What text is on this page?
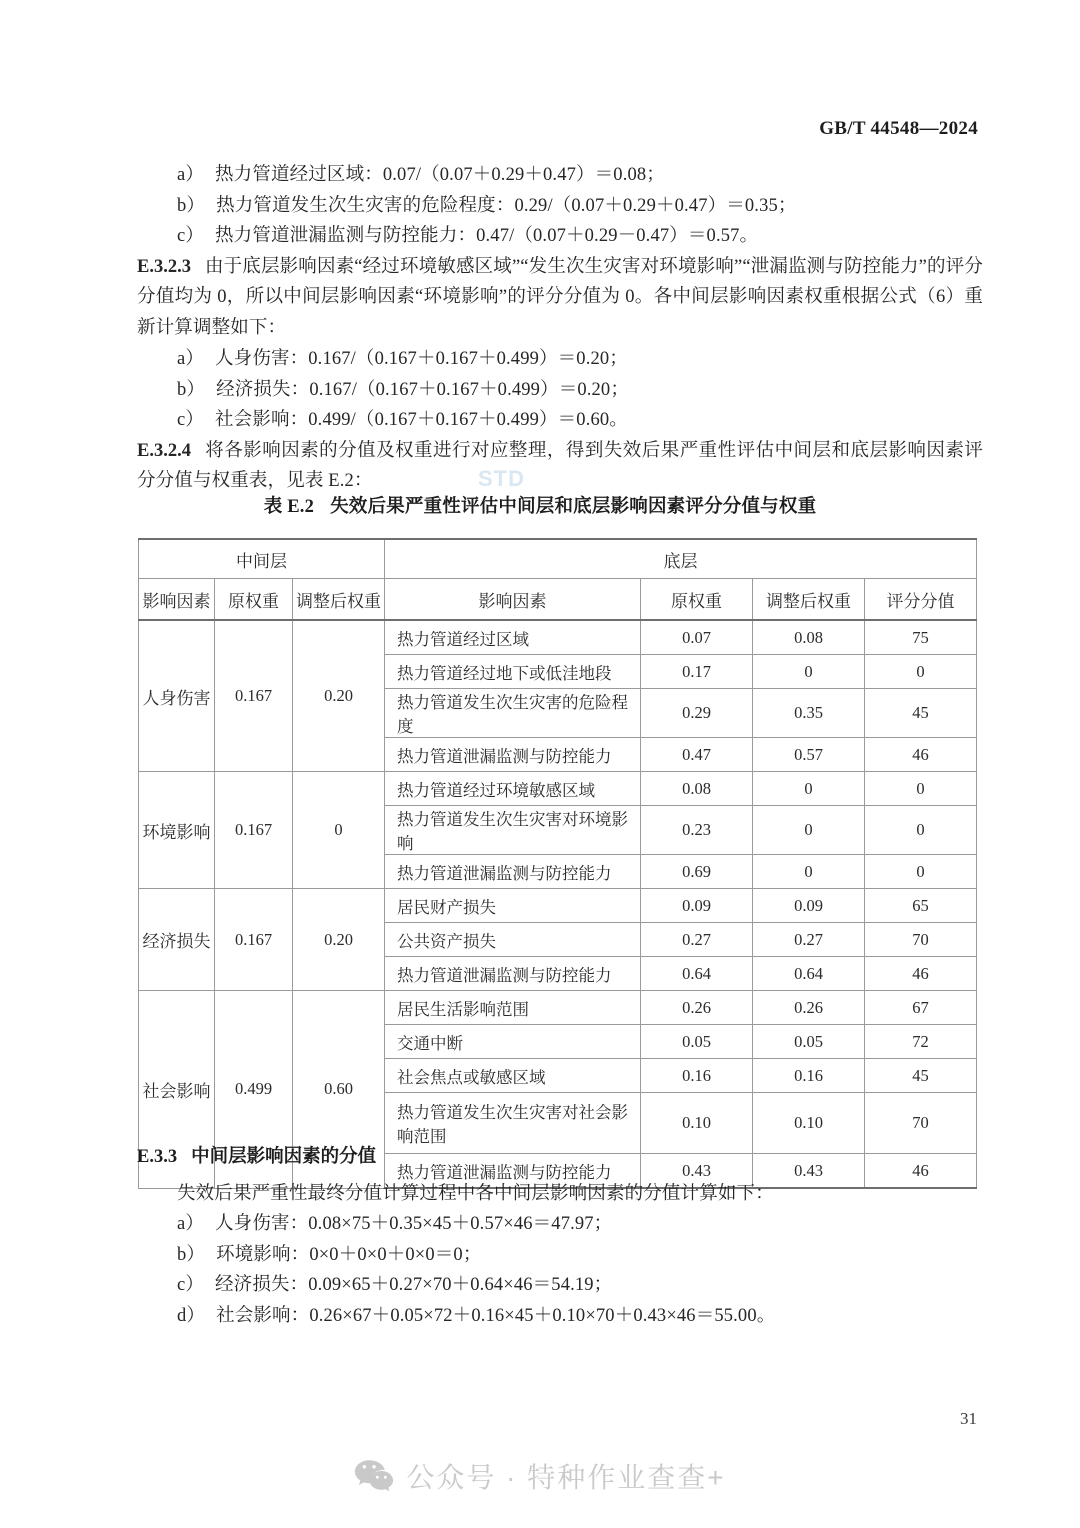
GB/T 44548—2024

a） 热力管道经过区域：0.07/（0.07＋0.29＋0.47）＝0.08；

b） 热力管道发生次生灾害的危险程度：0.29/（0.07＋0.29＋0.47）＝0.35；

c） 热力管道泄漏监测与防控能力：0.47/（0.07＋0.29－0.47）＝0.57。

E.3.2.3 由于底层影响因素“经过环境敏感区域”“发生次生灾害对环境影响”“泄漏监测与防控能力”的评分分值均为 0，所以中间层影响因素“环境影响”的评分分值为 0。各中间层影响因素权重根据公式（6）重新计算调整如下：

a） 人身伤害：0.167/（0.167＋0.167＋0.499）＝0.20；

b） 经济损失：0.167/（0.167＋0.167＋0.499）＝0.20；

c） 社会影响：0.499/（0.167＋0.167＋0.499）＝0.60。

E.3.2.4 将各影响因素的分值及权重进行对应整理，得到失效后果严重性评估中间层和底层影响因素评分分值与权重表，见表 E.2：	STD
表 E.2 失效后果严重性评估中间层和底层影响因素评分分值与权重
中间层			底层			
影响因素	原权重	调整后权重	影响因素	原权重	调整后权重	评分分值
人身伤害	0.167	0.20	热力管道经过区域	0.07	0.08	75
			热力管道经过地下或低洼地段	0.17	0	0
			热力管道发生次生灾害的危险程度	0.29	0.35	45
			热力管道泄漏监测与防控能力	0.47	0.57	46
环境影响	0.167	0	热力管道经过环境敏感区域	0.08	0	0
			热力管道发生次生灾害对环境影响	0.23	0	0
			热力管道泄漏监测与防控能力	0.69	0	0
经济损失	0.167	0.20	居民财产损失	0.09	0.09	65
			公共资产损失	0.27	0.27	70
			热力管道泄漏监测与防控能力	0.64	0.64	46
社会影响	0.499	0.60	居民生活影响范围	0.26	0.26	67
			交通中断	0.05	0.05	72
			社会焦点或敏感区域	0.16	0.16	45
			热力管道发生次生灾害对社会影响范围	0.10	0.10	70
			热力管道泄漏监测与防控能力	0.43	0.43	46

E.3.3 中间层影响因素的分值

失效后果严重性最终分值计算过程中各中间层影响因素的分值计算如下：

a） 人身伤害：0.08×75＋0.35×45＋0.57×46＝47.97；

b） 环境影响：0×0＋0×0＋0×0＝0；

c） 经济损失：0.09×65＋0.27×70＋0.64×46＝54.19；

d） 社会影响：0.26×67＋0.05×72＋0.16×45＋0.10×70＋0.43×46＝55.00。

31
公众号 · 特种作业查查+
